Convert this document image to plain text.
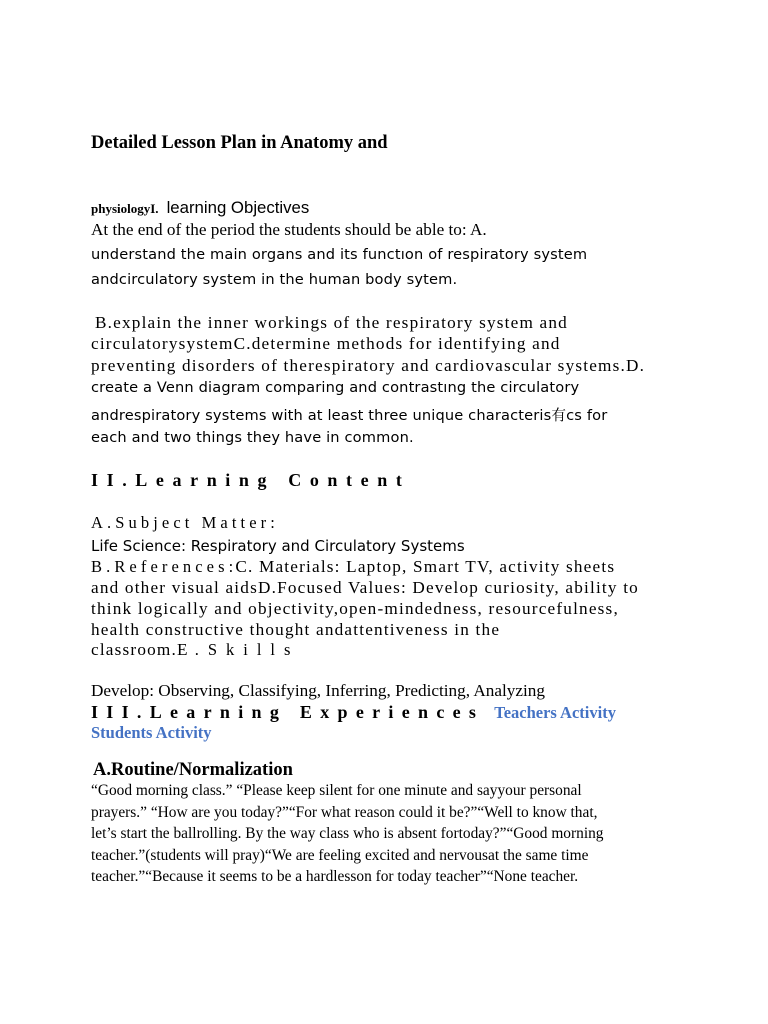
Detailed Lesson Plan in Anatomy and
physiologyI. learning Objectives

At the end of the period the students should be able to: A.

understand the main organs and its functıon of respiratory system

andcirculatory system in the human body sytem.

B.explain the inner workings of the respiratory system and

circulatorysystemC.determine methods for identifying and

preventing disorders of therespiratory and cardiovascular systems.D.

create a Venn diagram comparing and contrastıng the circulatory

andrespiratory systems with at least three unique characteris有cs for

each and two things they have in common.

II.Learning Content

A.Subject Matter:

Life Science: Respiratory and Circulatory Systems

B.References:C. Materials: Laptop, Smart TV, activity sheets

and other visual aidsD.Focused Values: Develop curiosity, ability to

think logically and objectivity,open-mindedness, resourcefulness,

health constructive thought andattentiveness in the

classroom.E .Skills

Develop: Observing, Classifying, Inferring, Predicting, Analyzing

III.Learning Experiences Teachers Activity

Students Activity

A.Routine/Normalization

“Good morning class.” “Please keep silent for one minute and sayyour personal

prayers.” “How are you today?”“For what reason could it be?”“Well to know that,

let’s start the ballrolling. By the way class who is absent fortoday?”“Good morning

teacher.”(students will pray)“We are feeling excited and nervousat the same time

teacher.”“Because it seems to be a hardlesson for today teacher”“None teacher.
